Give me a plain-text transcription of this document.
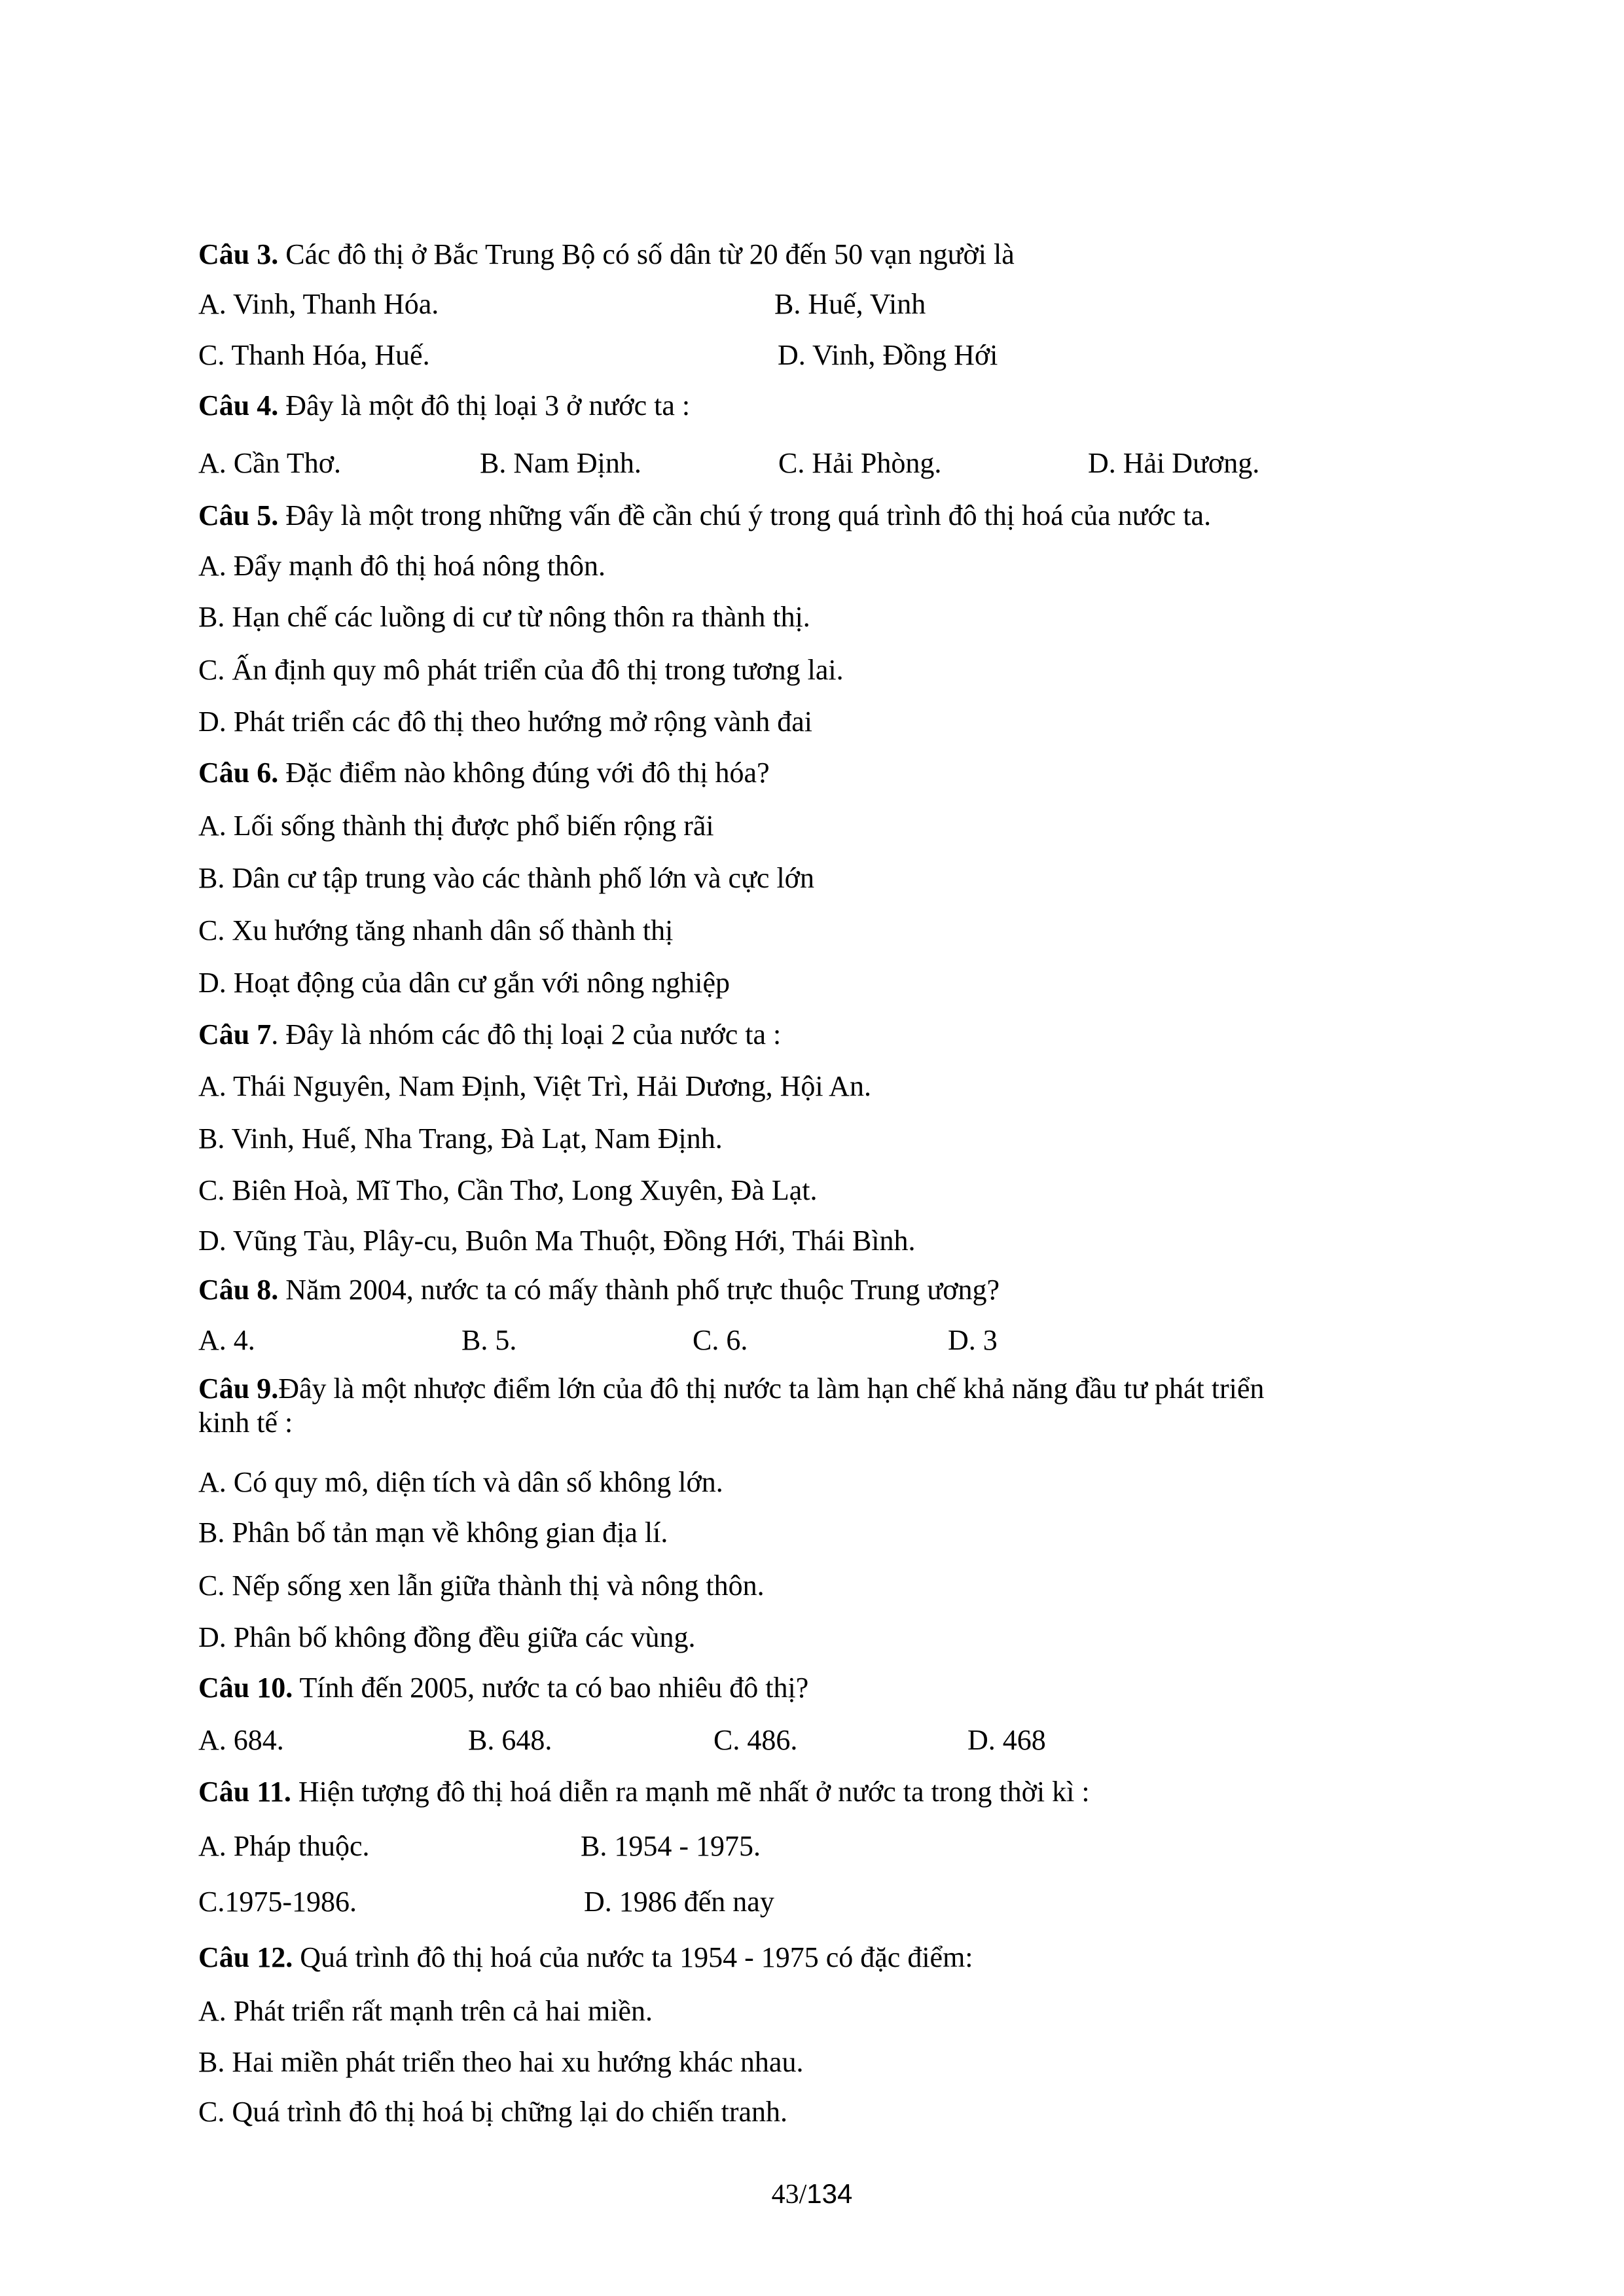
Câu 3. Các đô thị ở Bắc Trung Bộ có số dân từ 20 đến 50 vạn người là
A. Vinh, Thanh Hóa.	B. Huế, Vinh
C. Thanh Hóa, Huế.	D. Vinh, Đồng Hới
Câu 4. Đây là một đô thị loại 3 ở nước ta :
A. Cần Thơ.	B. Nam Định.	C. Hải Phòng.	D. Hải Dương.
Câu 5. Đây là một trong những vấn đề cần chú ý trong quá trình đô thị hoá của nước ta.
A. Đẩy mạnh đô thị hoá nông thôn.
B. Hạn chế các luồng di cư từ nông thôn ra thành thị.
C. Ấn định quy mô phát triển của đô thị trong tương lai.
D. Phát triển các đô thị theo hướng mở rộng vành đai
Câu 6. Đặc điểm nào không đúng với đô thị hóa?
A. Lối sống thành thị được phổ biến rộng rãi
B. Dân cư tập trung vào các thành phố lớn và cực lớn
C. Xu hướng tăng nhanh dân số thành thị
D. Hoạt động của dân cư gắn với nông nghiệp
Câu 7. Đây là nhóm các đô thị loại 2 của nước ta :
A. Thái Nguyên, Nam Định, Việt Trì, Hải Dương, Hội An.
B. Vinh, Huế, Nha Trang, Đà Lạt, Nam Định.
C. Biên Hoà, Mĩ Tho, Cần Thơ, Long Xuyên, Đà Lạt.
D. Vũng Tàu, Plây-cu, Buôn Ma Thuột, Đồng Hới, Thái Bình.
Câu 8. Năm 2004, nước ta có mấy thành phố trực thuộc Trung ương?
A. 4.	B. 5.	C. 6.	D. 3
Câu 9.Đây là một nhược điểm lớn của đô thị nước ta làm hạn chế khả năng đầu tư phát triển
kinh tế :
A. Có quy mô, diện tích và dân số không lớn.
B. Phân bố tản mạn về không gian địa lí.
C. Nếp sống xen lẫn giữa thành thị và nông thôn.
D. Phân bố không đồng đều giữa các vùng.
Câu 10. Tính đến 2005, nước ta có bao nhiêu đô thị?
A. 684.	B. 648.	C. 486.	D. 468
Câu 11. Hiện tượng đô thị hoá diễn ra mạnh mẽ nhất ở nước ta trong thời kì :
A. Pháp thuộc.	B. 1954 - 1975.
C.1975-1986.	D. 1986 đến nay
Câu 12. Quá trình đô thị hoá của nước ta 1954 - 1975 có đặc điểm:
A. Phát triển rất mạnh trên cả hai miền.
B. Hai miền phát triển theo hai xu hướng khác nhau.
C. Quá trình đô thị hoá bị chững lại do chiến tranh.
43/134
